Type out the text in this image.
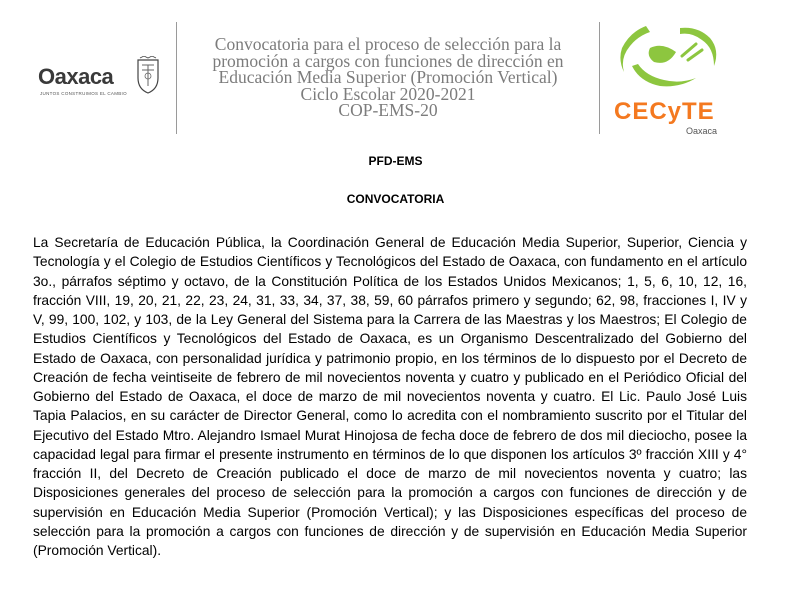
Oaxaca
JUNTOS CONSTRUIMOS EL CAMBIO
Convocatoria para el proceso de selección para la
promoción a cargos con funciones de dirección en
Educación Media Superior (Promoción Vertical)
Ciclo Escolar 2020-2021
COP-EMS-20	CECyTE
Oaxaca
PFD-EMS
CONVOCATORIA

La Secretaría de Educación Pública, la Coordinación General de Educación Media Superior, Superior, Ciencia y Tecnología y el Colegio de Estudios Científicos y Tecnológicos del Estado de Oaxaca, con fundamento en el artículo 3o., párrafos séptimo y octavo, de la Constitución Política de los Estados Unidos Mexicanos; 1, 5, 6, 10, 12, 16, fracción VIII, 19, 20, 21, 22, 23, 24, 31, 33, 34, 37, 38, 59, 60 párrafos primero y segundo; 62, 98, fracciones I, IV y V, 99, 100, 102, y 103, de la Ley General del Sistema para la Carrera de las Maestras y los Maestros; El Colegio de Estudios Científicos y Tecnológicos del Estado de Oaxaca, es un Organismo Descentralizado del Gobierno del Estado de Oaxaca, con personalidad jurídica y patrimonio propio, en los términos de lo dispuesto por el Decreto de Creación de fecha veintiseite de febrero de mil novecientos noventa y cuatro y publicado en el Periódico Oficial del Gobierno del Estado de Oaxaca, el doce de marzo de mil novecientos noventa y cuatro. El Lic. Paulo José Luis Tapia Palacios, en su carácter de Director General, como lo acredita con el nombramiento suscrito por el Titular del Ejecutivo del Estado Mtro. Alejandro Ismael Murat Hinojosa de fecha doce de febrero de dos mil dieciocho, posee la capacidad legal para firmar el presente instrumento en términos de lo que disponen los artículos 3º fracción XIII y 4° fracción II, del Decreto de Creación publicado el doce de marzo de mil novecientos noventa y cuatro; las Disposiciones generales del proceso de selección para la promoción a cargos con funciones de dirección y de supervisión en Educación Media Superior (Promoción Vertical); y las Disposiciones específicas del proceso de selección para la promoción a cargos con funciones de dirección y de supervisión en Educación Media Superior (Promoción Vertical).
